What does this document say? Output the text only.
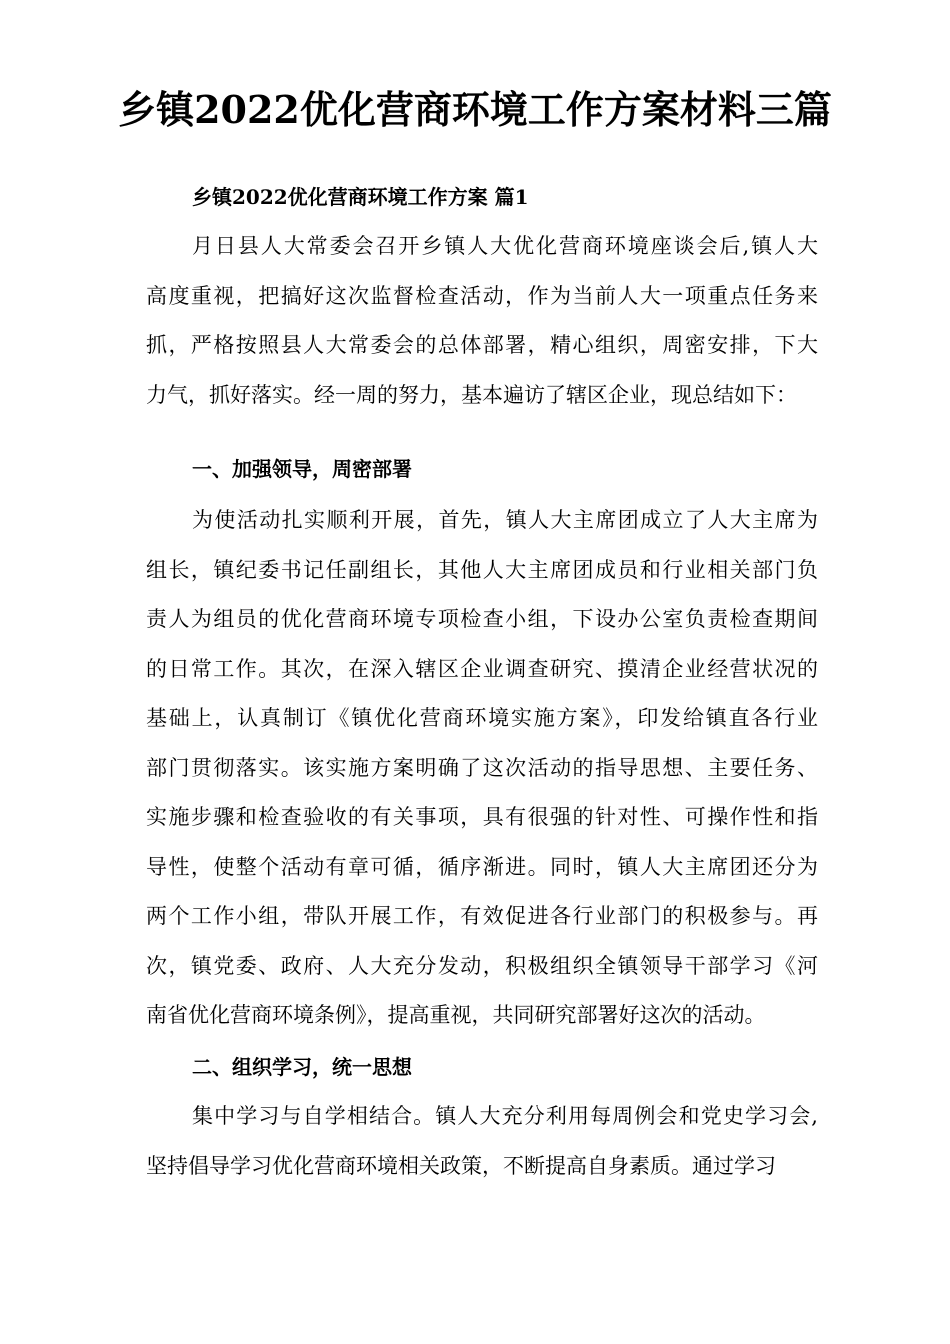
乡镇2022优化营商环境工作方案材料三篇
乡镇2022优化营商环境工作方案 篇1
月日县人大常委会召开乡镇人大优化营商环境座谈会后,镇人大
高度重视，把搞好这次监督检查活动，作为当前人大一项重点任务来
抓，严格按照县人大常委会的总体部署，精心组织，周密安排，下大
力气，抓好落实。经一周的努力，基本遍访了辖区企业，现总结如下：
一、加强领导，周密部署
为使活动扎实顺利开展，首先，镇人大主席团成立了人大主席为
组长，镇纪委书记任副组长，其他人大主席团成员和行业相关部门负
责人为组员的优化营商环境专项检查小组，下设办公室负责检查期间
的日常工作。其次，在深入辖区企业调查研究、摸清企业经营状况的
基础上，认真制订《镇优化营商环境实施方案》，印发给镇直各行业
部门贯彻落实。该实施方案明确了这次活动的指导思想、主要任务、
实施步骤和检查验收的有关事项，具有很强的针对性、可操作性和指
导性，使整个活动有章可循，循序渐进。同时，镇人大主席团还分为
两个工作小组，带队开展工作，有效促进各行业部门的积极参与。再
次，镇党委、政府、人大充分发动，积极组织全镇领导干部学习《河
南省优化营商环境条例》，提高重视，共同研究部署好这次的活动。
二、组织学习，统一思想
集中学习与自学相结合。镇人大充分利用每周例会和党史学习会,
坚持倡导学习优化营商环境相关政策，不断提高自身素质。通过学习
